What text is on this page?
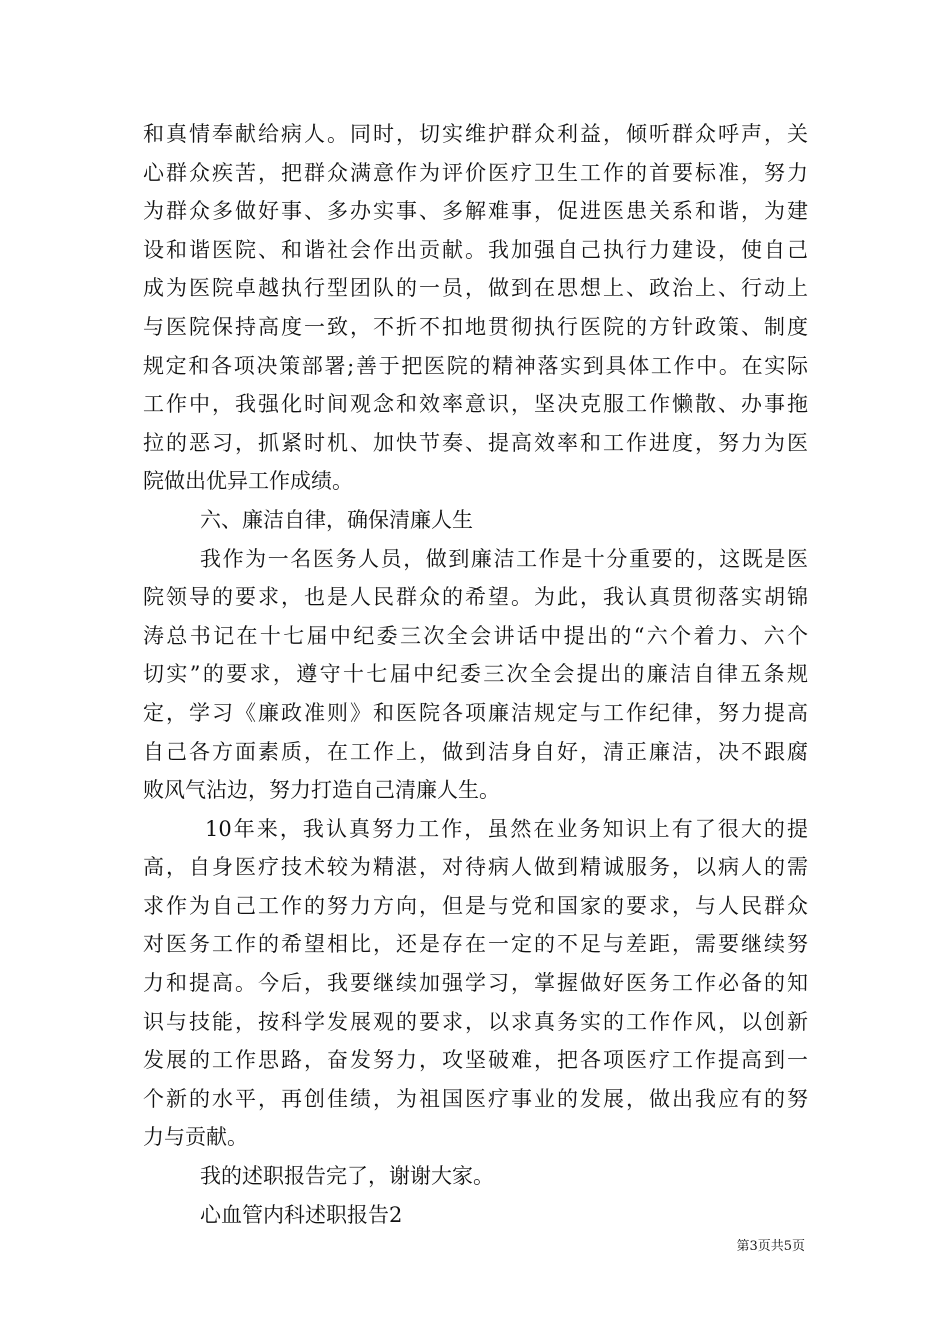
和真情奉献给病人。同时，切实维护群众利益，倾听群众呼声，关
心群众疾苦，把群众满意作为评价医疗卫生工作的首要标准，努力
为群众多做好事、多办实事、多解难事，促进医患关系和谐，为建
设和谐医院、和谐社会作出贡献。我加强自己执行力建设，使自己
成为医院卓越执行型团队的一员，做到在思想上、政治上、行动上
与医院保持高度一致，不折不扣地贯彻执行医院的方针政策、制度
规定和各项决策部署;善于把医院的精神落实到具体工作中。在实际
工作中，我强化时间观念和效率意识，坚决克服工作懒散、办事拖
拉的恶习，抓紧时机、加快节奏、提高效率和工作进度，努力为医
院做出优异工作成绩。
六、廉洁自律，确保清廉人生
我作为一名医务人员，做到廉洁工作是十分重要的，这既是医
院领导的要求，也是人民群众的希望。为此，我认真贯彻落实胡锦
涛总书记在十七届中纪委三次全会讲话中提出的“六个着力、六个
切实”的要求，遵守十七届中纪委三次全会提出的廉洁自律五条规
定，学习《廉政准则》和医院各项廉洁规定与工作纪律，努力提高
自己各方面素质，在工作上，做到洁身自好，清正廉洁，决不跟腐
败风气沾边，努力打造自己清廉人生。
10年来，我认真努力工作，虽然在业务知识上有了很大的提
高，自身医疗技术较为精湛，对待病人做到精诚服务，以病人的需
求作为自己工作的努力方向，但是与党和国家的要求，与人民群众
对医务工作的希望相比，还是存在一定的不足与差距，需要继续努
力和提高。今后，我要继续加强学习，掌握做好医务工作必备的知
识与技能，按科学发展观的要求，以求真务实的工作作风，以创新
发展的工作思路，奋发努力，攻坚破难，把各项医疗工作提高到一
个新的水平，再创佳绩，为祖国医疗事业的发展，做出我应有的努
力与贡献。
我的述职报告完了，谢谢大家。
心血管内科述职报告2
第3页共5页
